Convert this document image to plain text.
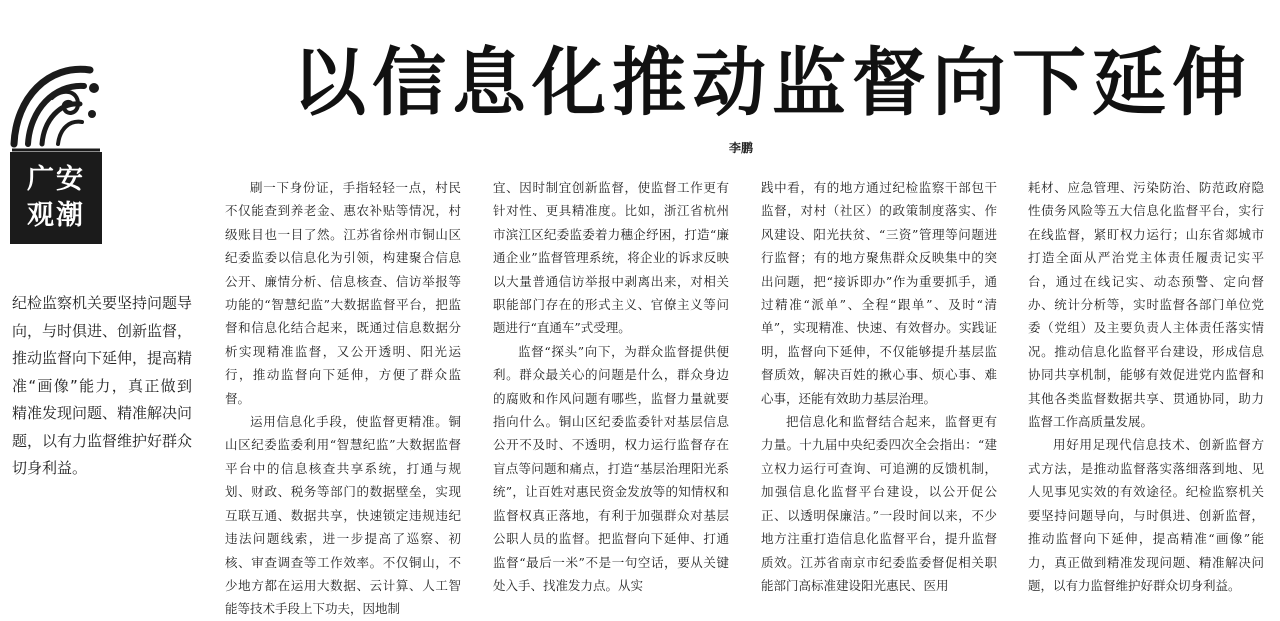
广安
观潮
以信息化推动监督向下延伸
李鹏

纪检监察机关要坚持问题导向，与时俱进、创新监督，推动监督向下延伸，提高精准“画像”能力，真正做到精准发现问题、精准解决问题，以有力监督维护好群众切身利益。

刷一下身份证，手指轻轻一点，村民不仅能查到养老金、惠农补贴等情况，村级账目也一目了然。江苏省徐州市铜山区纪委监委以信息化为引领，构建聚合信息公开、廉情分析、信息核查、信访举报等功能的“智慧纪监”大数据监督平台，把监督和信息化结合起来，既通过信息数据分析实现精准监督，又公开透明、阳光运行，推动监督向下延伸，方便了群众监督。

运用信息化手段，使监督更精准。铜山区纪委监委利用“智慧纪监”大数据监督平台中的信息核查共享系统，打通与规划、财政、税务等部门的数据壁垒，实现互联互通、数据共享，快速锁定违规违纪违法问题线索，进一步提高了巡察、初核、审查调查等工作效率。不仅铜山，不少地方都在运用大数据、云计算、人工智能等技术手段上下功夫，因地制

宜、因时制宜创新监督，使监督工作更有针对性、更具精准度。比如，浙江省杭州市滨江区纪委监委着力穗企纾困，打造“廉通企业”监督管理系统，将企业的诉求反映以大量普通信访举报中剥离出来，对相关职能部门存在的形式主义、官僚主义等问题进行“直通车”式受理。

监督“探头”向下，为群众监督提供便利。群众最关心的问题是什么，群众身边的腐败和作风问题有哪些，监督力量就要指向什么。铜山区纪委监委针对基层信息公开不及时、不透明，权力运行监督存在盲点等问题和痛点，打造“基层治理阳光系统”，让百姓对惠民资金发放等的知情权和监督权真正落地，有利于加强群众对基层公职人员的监督。把监督向下延伸、打通监督“最后一米”不是一句空话，要从关键处入手、找准发力点。从实

践中看，有的地方通过纪检监察干部包干监督，对村（社区）的政策制度落实、作风建设、阳光扶贫、“三资”管理等问题进行监督；有的地方聚焦群众反映集中的突出问题，把“接诉即办”作为重要抓手，通过精准“派单”、全程“跟单”、及时“清单”，实现精准、快速、有效督办。实践证明，监督向下延伸，不仅能够提升基层监督质效，解决百姓的揪心事、烦心事、难心事，还能有效助力基层治理。

把信息化和监督结合起来，监督更有力量。十九届中央纪委四次全会指出：“建立权力运行可查询、可追溯的反馈机制，加强信息化监督平台建设，以公开促公正、以透明保廉洁。”一段时间以来，不少地方注重打造信息化监督平台，提升监督质效。江苏省南京市纪委监委督促相关职能部门高标准建设阳光惠民、医用

耗材、应急管理、污染防治、防范政府隐性债务风险等五大信息化监督平台，实行在线监督，紧盯权力运行；山东省郯城市打造全面从严治党主体责任履责记实平台，通过在线记实、动态预警、定向督办、统计分析等，实时监督各部门单位党委（党组）及主要负责人主体责任落实情况。推动信息化监督平台建设，形成信息协同共享机制，能够有效促进党内监督和其他各类监督数据共享、贯通协同，助力监督工作高质量发展。

用好用足现代信息技术、创新监督方式方法，是推动监督落实落细落到地、见人见事见实效的有效途径。纪检监察机关要坚持问题导向，与时俱进、创新监督，推动监督向下延伸，提高精准“画像”能力，真正做到精准发现问题、精准解决问题，以有力监督维护好群众切身利益。
